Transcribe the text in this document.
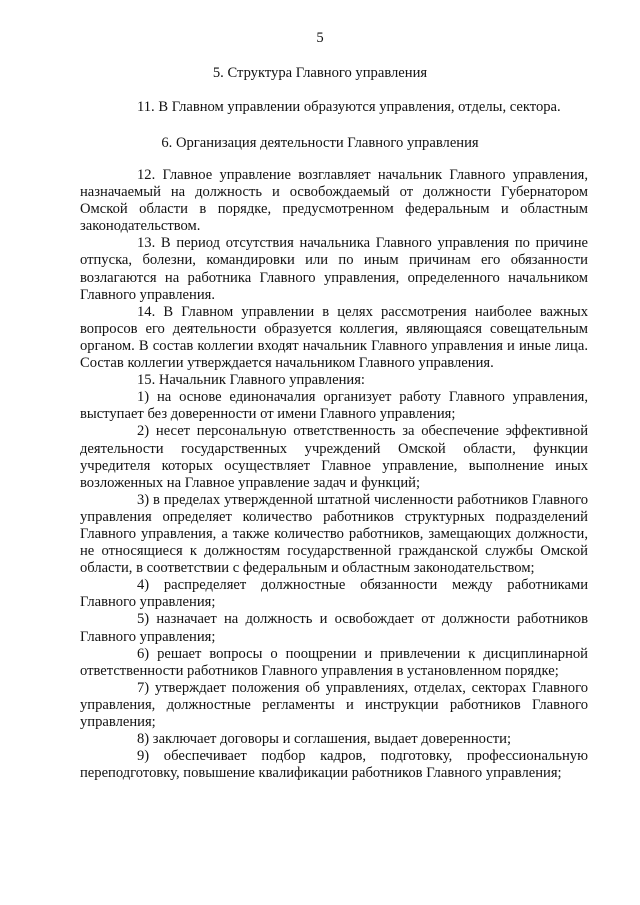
5
5. Структура Главного управления

11. В Главном управлении образуются управления, отделы, сектора.

6. Организация деятельности Главного управления

12. Главное управление возглавляет начальник Главного управления, назначаемый на должность и освобождаемый от должности Губернатором Омской области в порядке, предусмотренном федеральным и областным законодательством.

13. В период отсутствия начальника Главного управления по причине отпуска, болезни, командировки или по иным причинам его обязанности возлагаются на работника Главного управления, определенного начальником Главного управления.

14. В Главном управлении в целях рассмотрения наиболее важных вопросов его деятельности образуется коллегия, являющаяся совещательным органом. В состав коллегии входят начальник Главного управления и иные лица. Состав коллегии утверждается начальником Главного управления.

15. Начальник Главного управления:

1) на основе единоначалия организует работу Главного управления, выступает без доверенности от имени Главного управления;

2) несет персональную ответственность за обеспечение эффективной деятельности государственных учреждений Омской области, функции учредителя которых осуществляет Главное управление, выполнение иных возложенных на Главное управление задач и функций;

3) в пределах утвержденной штатной численности работников Главного управления определяет количество работников структурных подразделений Главного управления, а также количество работников, замещающих должности, не относящиеся к должностям государственной гражданской службы Омской области, в соответствии с федеральным и областным законодательством;

4) распределяет должностные обязанности между работниками Главного управления;

5) назначает на должность и освобождает от должности работников Главного управления;

6) решает вопросы о поощрении и привлечении к дисциплинарной ответственности работников Главного управления в установленном порядке;

7) утверждает положения об управлениях, отделах, секторах Главного управления, должностные регламенты и инструкции работников Главного управления;

8) заключает договоры и соглашения, выдает доверенности;

9) обеспечивает подбор кадров, подготовку, профессиональную переподготовку, повышение квалификации работников Главного управления;
